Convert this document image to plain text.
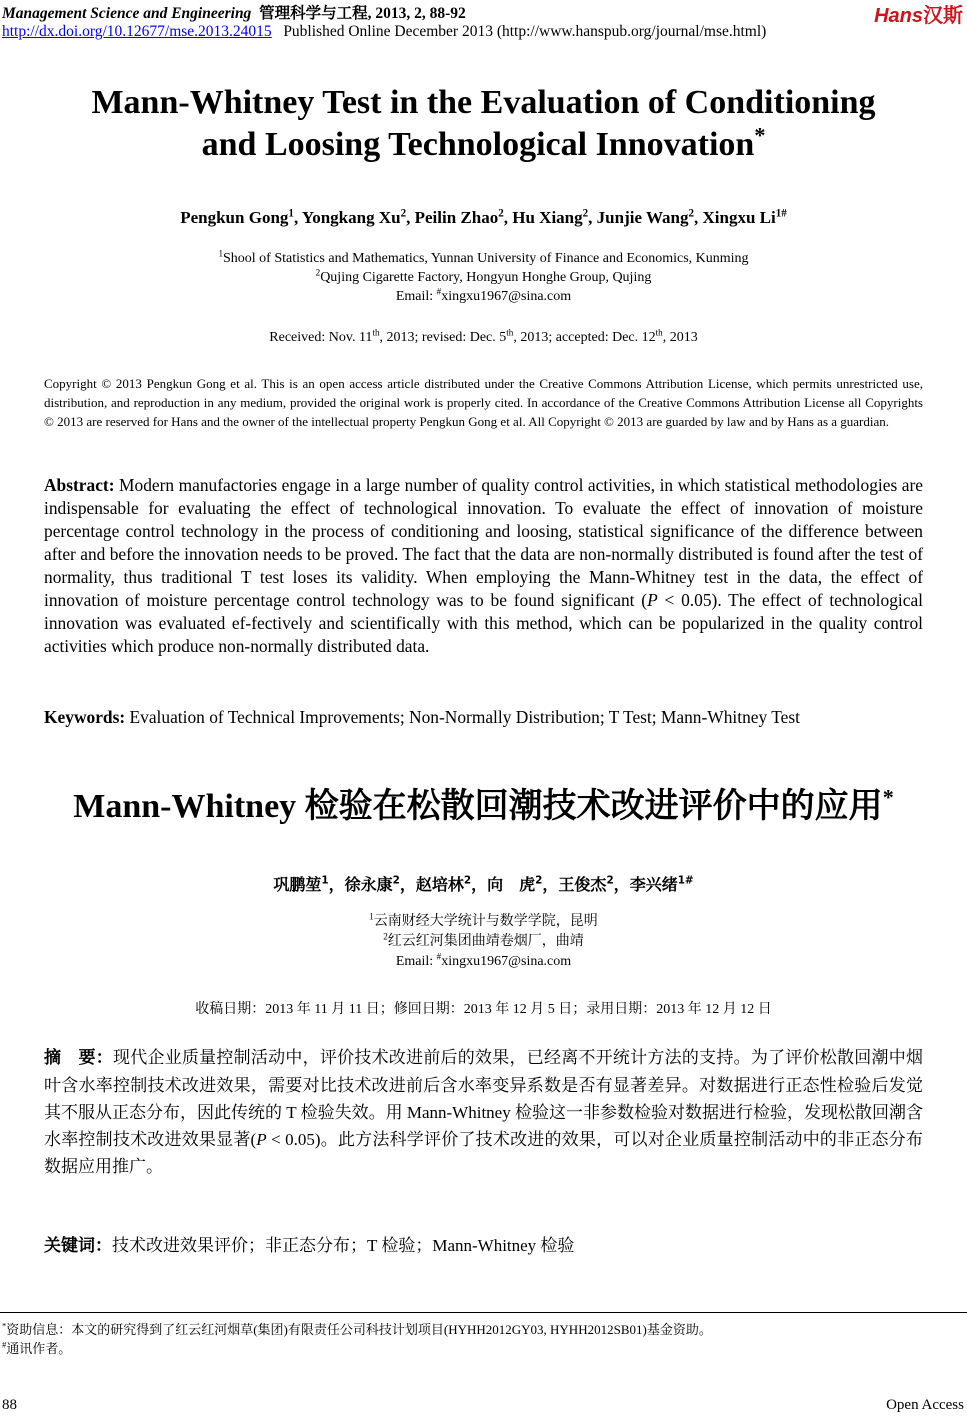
Management Science and Engineering 管理科学与工程, 2013, 2, 88-92	Hans汉斯
http://dx.doi.org/10.12677/mse.2013.24015 Published Online December 2013 (http://www.hanspub.org/journal/mse.html)
Mann-Whitney Test in the Evaluation of Conditioning
and Loosing Technological Innovation*
Pengkun Gong$^1$, Yongkang Xu$^2$, Peilin Zhao$^2$, Hu Xiang$^2$, Junjie Wang$^2$, Xingxu $Li^{1\#}$
$^1$Shool of Statistics and Mathematics, Yunnan University of Finance and Economics, Kunming
$^2$Qujing Cigarette Factory, Hongyun Honghe Group, Qujing
Email: #xingxu1967@sina.com
Received: Nov. 11th, 2013; revised: Dec. 5th, 2013; accepted: Dec. 12th, 2013
Copyright © 2013 Pengkun Gong et al. This is an open access article distributed under the Creative Commons Attribution License, which permits unrestricted use, distribution, and reproduction in any medium, provided the original work is properly cited. In accordance of the Creative Commons Attribution License all Copyrights © 2013 are reserved for Hans and the owner of the intellectual property Pengkun Gong et al. All Copyright © 2013 are guarded by law and by Hans as a guardian.
Abstract: Modern manufactories engage in a large number of quality control activities, in which statistical methodologies are indispensable for evaluating the effect of technological innovation. To evaluate the effect of innovation of moisture percentage control technology in the process of conditioning and loosing, statistical significance of the difference between after and before the innovation needs to be proved. The fact that the data are non-normally distributed is found after the test of normality, thus traditional T test loses its validity. When employing the Mann-Whitney test in the data, the effect of innovation of moisture percentage control technology was to be found significant (P < 0.05). The effect of technological innovation was evaluated ef-fectively and scientifically with this method, which can be popularized in the quality control activities which produce non-normally distributed data.
Keywords: Evaluation of Technical Improvements; Non-Normally Distribution; T Test; Mann-Whitney Test
Mann-Whitney 检验在松散回潮技术改进评价中的应用*
巩鹏堃$^1$，徐永康$^2$，赵培林$^2$，向　虎$^2$，王俊杰$^2$，李兴绪$^{1\#}$
$^1$云南财经大学统计与数学学院，昆明
$^2$红云红河集团曲靖卷烟厂，曲靖
Email: #xingxu1967@sina.com
收稿日期：2013 年 11 月 11 日；修回日期：2013 年 12 月 5 日；录用日期：2013 年 12 月 12 日
摘　要：现代企业质量控制活动中，评价技术改进前后的效果，已经离不开统计方法的支持。为了评价松散回潮中烟叶含水率控制技术改进效果，需要对比技术改进前后含水率变异系数是否有显著差异。对数据进行正态性检验后发觉其不服从正态分布，因此传统的 T 检验失效。用 Mann-Whitney 检验这一非参数检验对数据进行检验，发现松散回潮含水率控制技术改进效果显著(P < 0.05)。此方法科学评价了技术改进的效果，可以对企业质量控制活动中的非正态分布数据应用推广。
关键词：技术改进效果评价；非正态分布；T 检验；Mann-Whitney 检验
*资助信息：本文的研究得到了红云红河烟草(集团)有限责任公司科技计划项目(HYHH2012GY03, HYHH2012SB01)基金资助。
#通讯作者。
88	Open Access
